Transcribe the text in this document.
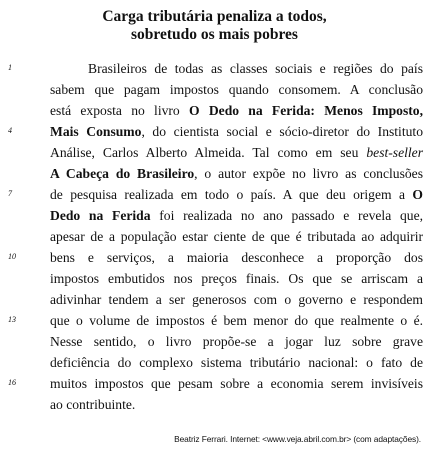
Carga tributária penaliza a todos,
sobretudo os mais pobres
1	Brasileiros de todas as classes sociais e regiões do país
sabem que pagam impostos quando consomem. A conclusão
está exposta no livro O Dedo na Ferida: Menos Imposto,
4	Mais Consumo, do cientista social e sócio-diretor do Instituto
Análise, Carlos Alberto Almeida. Tal como em seu best-seller
A Cabeça do Brasileiro, o autor expõe no livro as conclusões
7	de pesquisa realizada em todo o país. A que deu origem a O
Dedo na Ferida foi realizada no ano passado e revela que,
apesar de a população estar ciente de que é tributada ao adquirir
10	bens e serviços, a maioria desconhece a proporção dos
impostos embutidos nos preços finais. Os que se arriscam a
adivinhar tendem a ser generosos com o governo e respondem
13	que o volume de impostos é bem menor do que realmente o é.
Nesse sentido, o livro propõe-se a jogar luz sobre grave
deficiência do complexo sistema tributário nacional: o fato de
16	muitos impostos que pesam sobre a economia serem invisíveis
ao contribuinte.
Beatriz Ferrari. Internet: <www.veja.abril.com.br> (com adaptações).
